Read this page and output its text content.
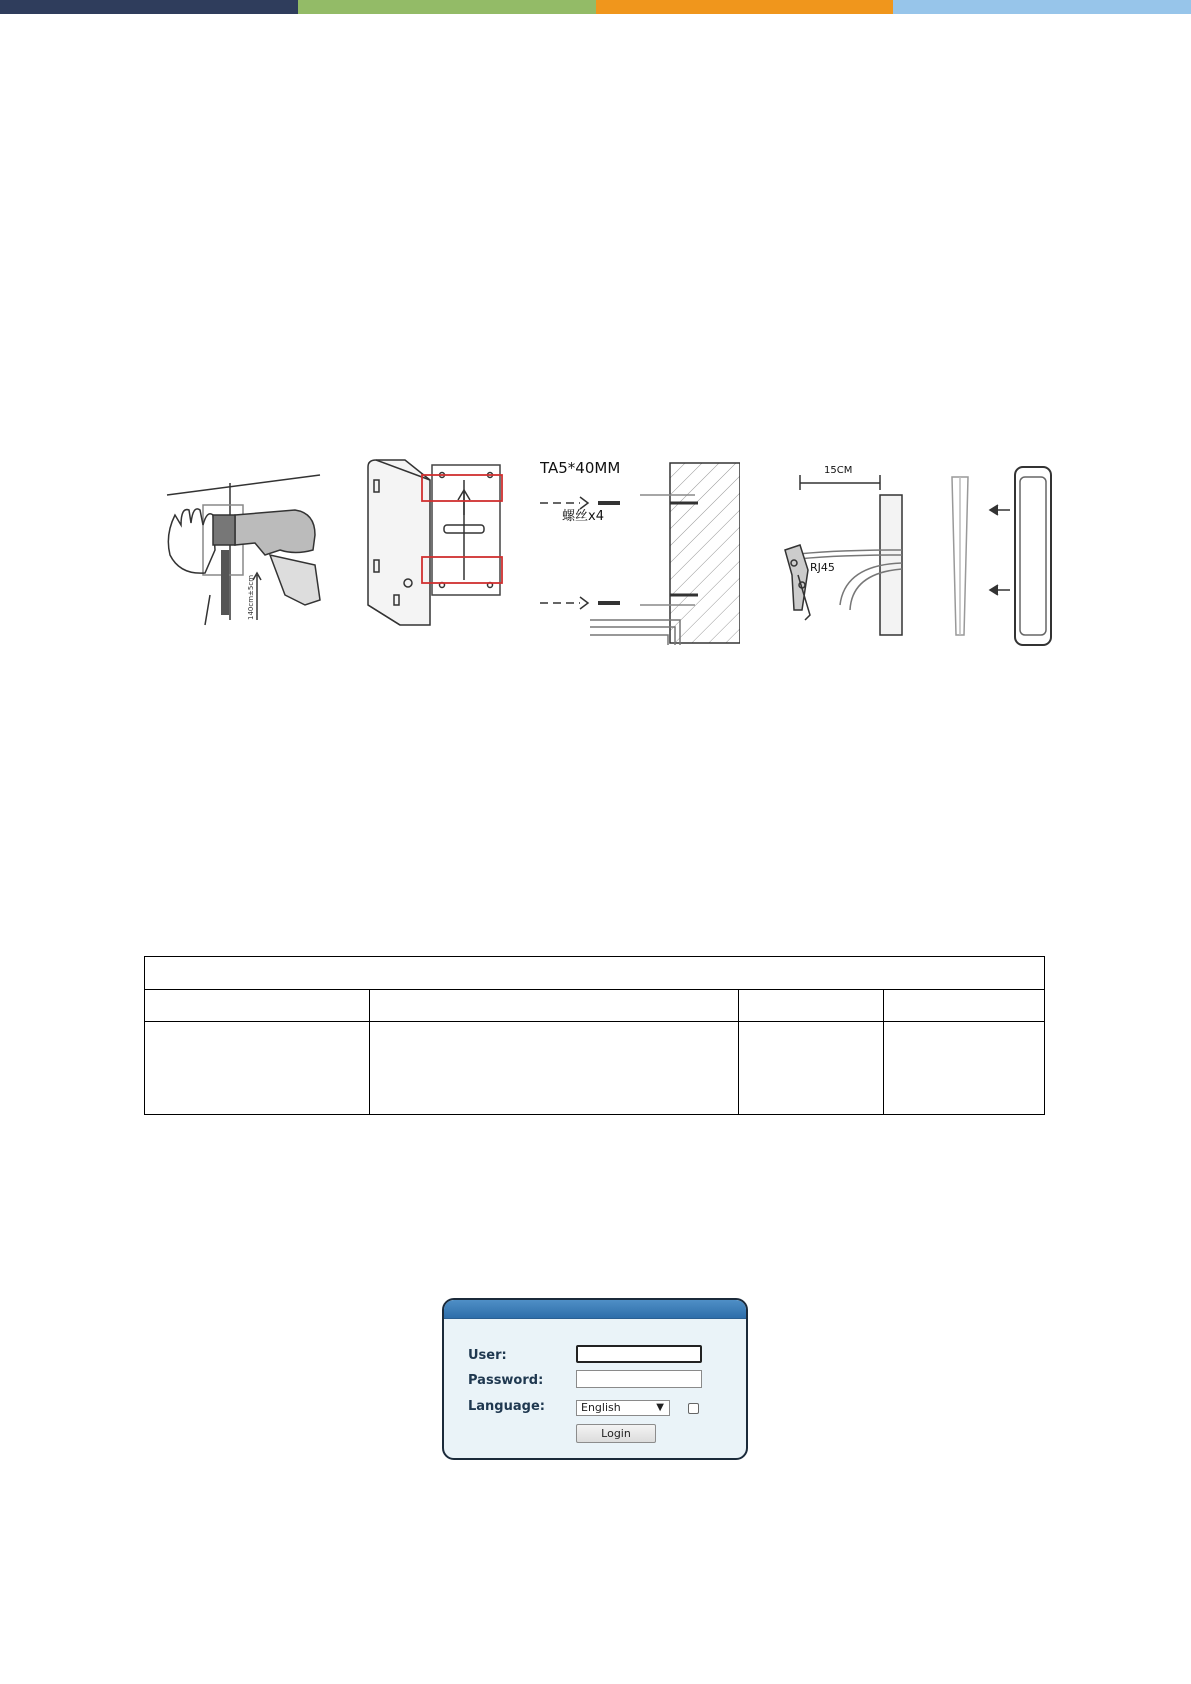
140cm±5cm
TA5*40MM
螺丝x4
15CM
RJ45

User:
Password:
Language:	English	▼
Login
